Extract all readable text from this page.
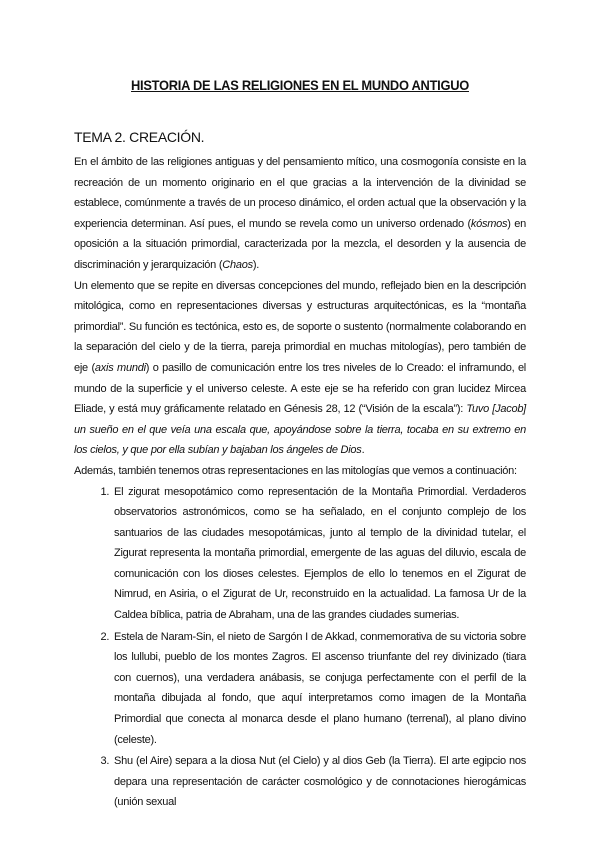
HISTORIA DE LAS RELIGIONES EN EL MUNDO ANTIGUO
TEMA 2. CREACIÓN.

En el ámbito de las religiones antiguas y del pensamiento mítico, una cosmogonía consiste en la recreación de un momento originario en el que gracias a la intervención de la divinidad se establece, comúnmente a través de un proceso dinámico, el orden actual que la observación y la experiencia determinan. Así pues, el mundo se revela como un universo ordenado (kósmos) en oposición a la situación primordial, caracterizada por la mezcla, el desorden y la ausencia de discriminación y jerarquización (Chaos).

Un elemento que se repite en diversas concepciones del mundo, reflejado bien en la descripción mitológica, como en representaciones diversas y estructuras arquitectónicas, es la “montaña primordial”. Su función es tectónica, esto es, de soporte o sustento (normalmente colaborando en la separación del cielo y de la tierra, pareja primordial en muchas mitologías), pero también de eje (axis mundi) o pasillo de comunicación entre los tres niveles de lo Creado: el inframundo, el mundo de la superficie y el universo celeste. A este eje se ha referido con gran lucidez Mircea Eliade, y está muy gráficamente relatado en Génesis 28, 12 (“Visión de la escala”): Tuvo [Jacob] un sueño en el que veía una escala que, apoyándose sobre la tierra, tocaba en su extremo en los cielos, y que por ella subían y bajaban los ángeles de Dios.

Además, también tenemos otras representaciones en las mitologías que vemos a continuación:

1. El zigurat mesopotámico como representación de la Montaña Primordial. Verdaderos observatorios astronómicos, como se ha señalado, en el conjunto complejo de los santuarios de las ciudades mesopotámicas, junto al templo de la divinidad tutelar, el Zigurat representa la montaña primordial, emergente de las aguas del diluvio, escala de comunicación con los dioses celestes. Ejemplos de ello lo tenemos en el Zigurat de Nimrud, en Asiria, o el Zigurat de Ur, reconstruido en la actualidad. La famosa Ur de la Caldea bíblica, patria de Abraham, una de las grandes ciudades sumerias.
2. Estela de Naram-Sin, el nieto de Sargón I de Akkad, conmemorativa de su victoria sobre los lullubi, pueblo de los montes Zagros. El ascenso triunfante del rey divinizado (tiara con cuernos), una verdadera anábasis, se conjuga perfectamente con el perfil de la montaña dibujada al fondo, que aquí interpretamos como imagen de la Montaña Primordial que conecta al monarca desde el plano humano (terrenal), al plano divino (celeste).
3. Shu (el Aire) separa a la diosa Nut (el Cielo) y al dios Geb (la Tierra). El arte egipcio nos depara una representación de carácter cosmológico y de connotaciones hierogámicas (unión sexual
